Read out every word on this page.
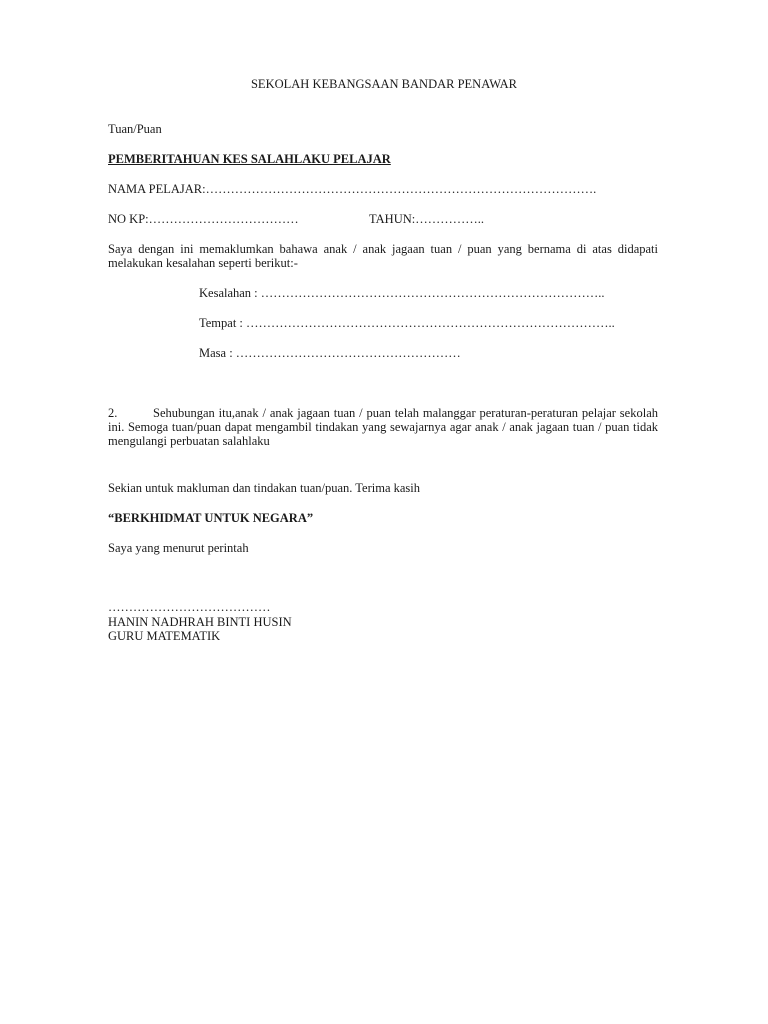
SEKOLAH KEBANGSAAN BANDAR PENAWAR
Tuan/Puan
PEMBERITAHUAN KES SALAHLAKU PELAJAR
NAMA PELAJAR:………………………………………………………………………………….
NO KP:………………………………	TAHUN:……………..
Saya dengan ini memaklumkan bahawa anak / anak jagaan tuan / puan yang bernama di atas didapati
melakukan kesalahan seperti berikut:-
Kesalahan : ………………………………………………………………………..
Tempat : ……………………………………………………………………………..
Masa : ………………………………………………
2.	Sehubungan itu,anak / anak jagaan tuan / puan telah malanggar peraturan-peraturan pelajar sekolah
ini. Semoga tuan/puan dapat mengambil tindakan yang sewajarnya agar anak / anak jagaan tuan / puan tidak
mengulangi perbuatan salahlaku
Sekian untuk makluman dan tindakan tuan/puan. Terima kasih
“BERKHIDMAT UNTUK NEGARA”
Saya yang menurut perintah
…………………………………
HANIN NADHRAH BINTI HUSIN
GURU MATEMATIK
